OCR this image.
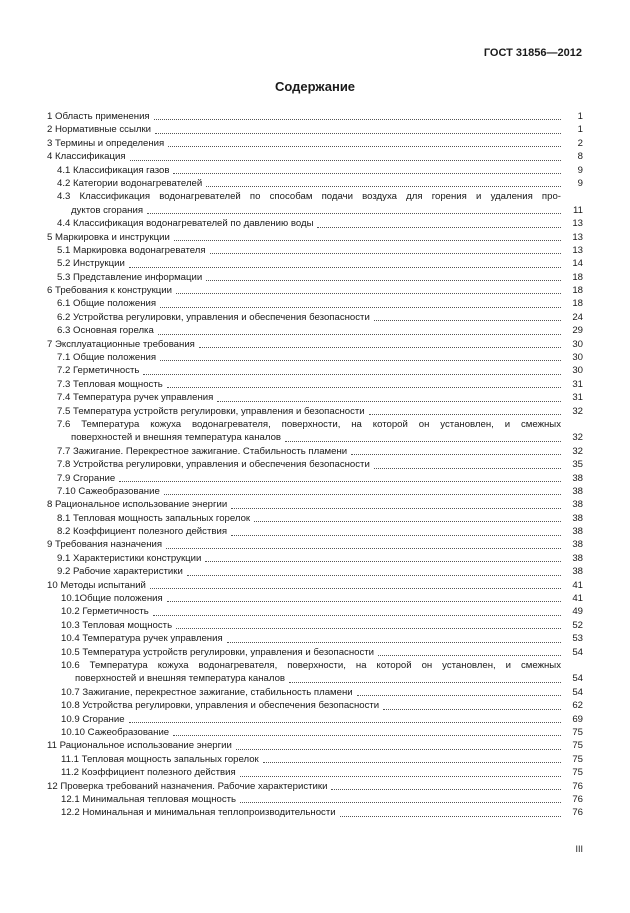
ГОСТ 31856—2012
Содержание
1 Область применения	1
2 Нормативные ссылки	1
3 Термины и определения	2
4 Классификация	8
4.1 Классификация газов	9
4.2 Категории водонагревателей	9
4.3 Классификация водонагревателей по способам подачи воздуха для горения и удаления про-
дуктов сгорания	11
4.4 Классификация водонагревателей по давлению воды	13
5 Маркировка и инструкции	13
5.1 Маркировка водонагревателя	13
5.2 Инструкции	14
5.3 Представление информации	18
6 Требования к конструкции	18
6.1 Общие положения	18
6.2 Устройства регулировки, управления и обеспечения безопасности	24
6.3 Основная горелка	29
7 Эксплуатационные требования	30
7.1 Общие положения	30
7.2 Герметичность	30
7.3 Тепловая мощность	31
7.4 Температура ручек управления	31
7.5 Температура устройств регулировки, управления и безопасности	32
7.6 Температура кожуха водонагревателя, поверхности, на которой он установлен, и смежных
поверхностей и внешняя температура каналов	32
7.7 Зажигание. Перекрестное зажигание. Стабильность пламени	32
7.8 Устройства регулировки, управления и обеспечения безопасности	35
7.9 Сгорание	38
7.10 Сажеобразование	38
8 Рациональное использование энергии	38
8.1 Тепловая мощность запальных горелок	38
8.2 Коэффициент полезного действия	38
9 Требования назначения	38
9.1 Характеристики конструкции	38
9.2 Рабочие характеристики	38
10 Методы испытаний	41
10.1Общие положения	41
10.2 Герметичность	49
10.3 Тепловая мощность	52
10.4 Температура ручек управления	53
10.5 Температура устройств регулировки, управления и безопасности	54
10.6 Температура кожуха водонагревателя, поверхности, на которой он установлен, и смежных
поверхностей и внешняя температура каналов	54
10.7 Зажигание, перекрестное зажигание, стабильность пламени	54
10.8 Устройства регулировки, управления и обеспечения безопасности	62
10.9 Сгорание	69
10.10 Сажеобразование	75
11 Рациональное использование энергии	75
11.1 Тепловая мощность запальных горелок	75
11.2 Коэффициент полезного действия	75
12 Проверка требований назначения. Рабочие характеристики	76
12.1 Минимальная тепловая мощность	76
12.2 Номинальная и минимальная теплопроизводительности	76
III
